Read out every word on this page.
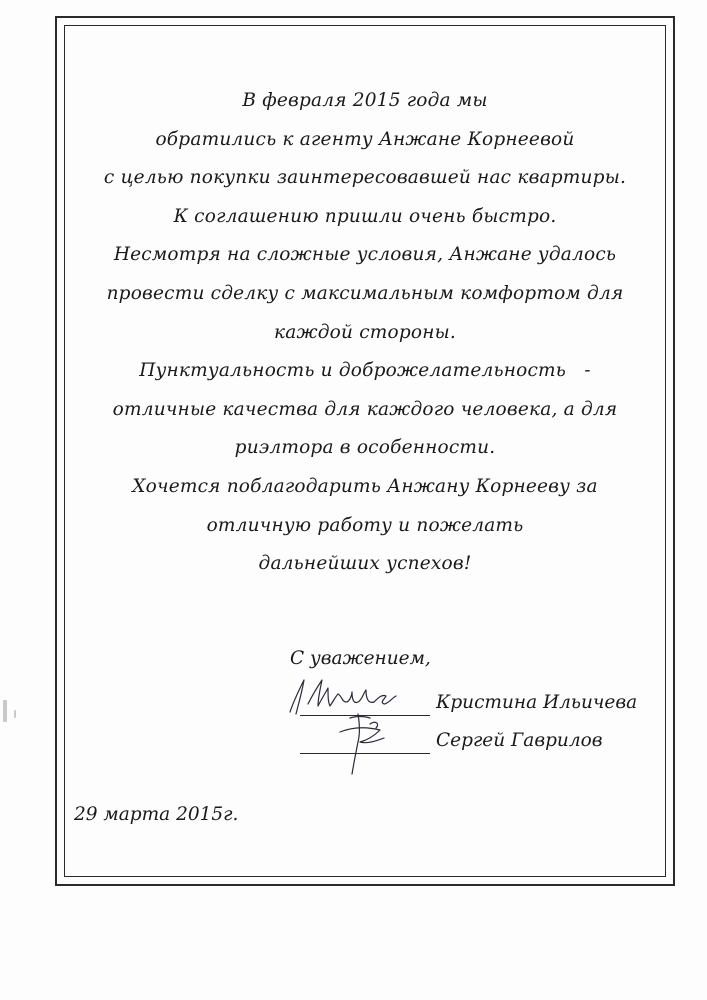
В февраля 2015 года мы
обратились к агенту Анжане Корнеевой
с целью покупки заинтересовавшей нас квартиры.
К соглашению пришли очень быстро.
Несмотря на сложные условия, Анжане удалось
провести сделку с максимальным комфортом для
каждой стороны.
Пунктуальность и доброжелательность   -
отличные качества для каждого человека, а для
риэлтора в особенности.
Хочется поблагодарить Анжану Корнееву за
отличную работу и пожелать
дальнейших успехов!
С уважением,
Кристина Ильичева
Сергей Гаврилов
29 марта 2015г.
